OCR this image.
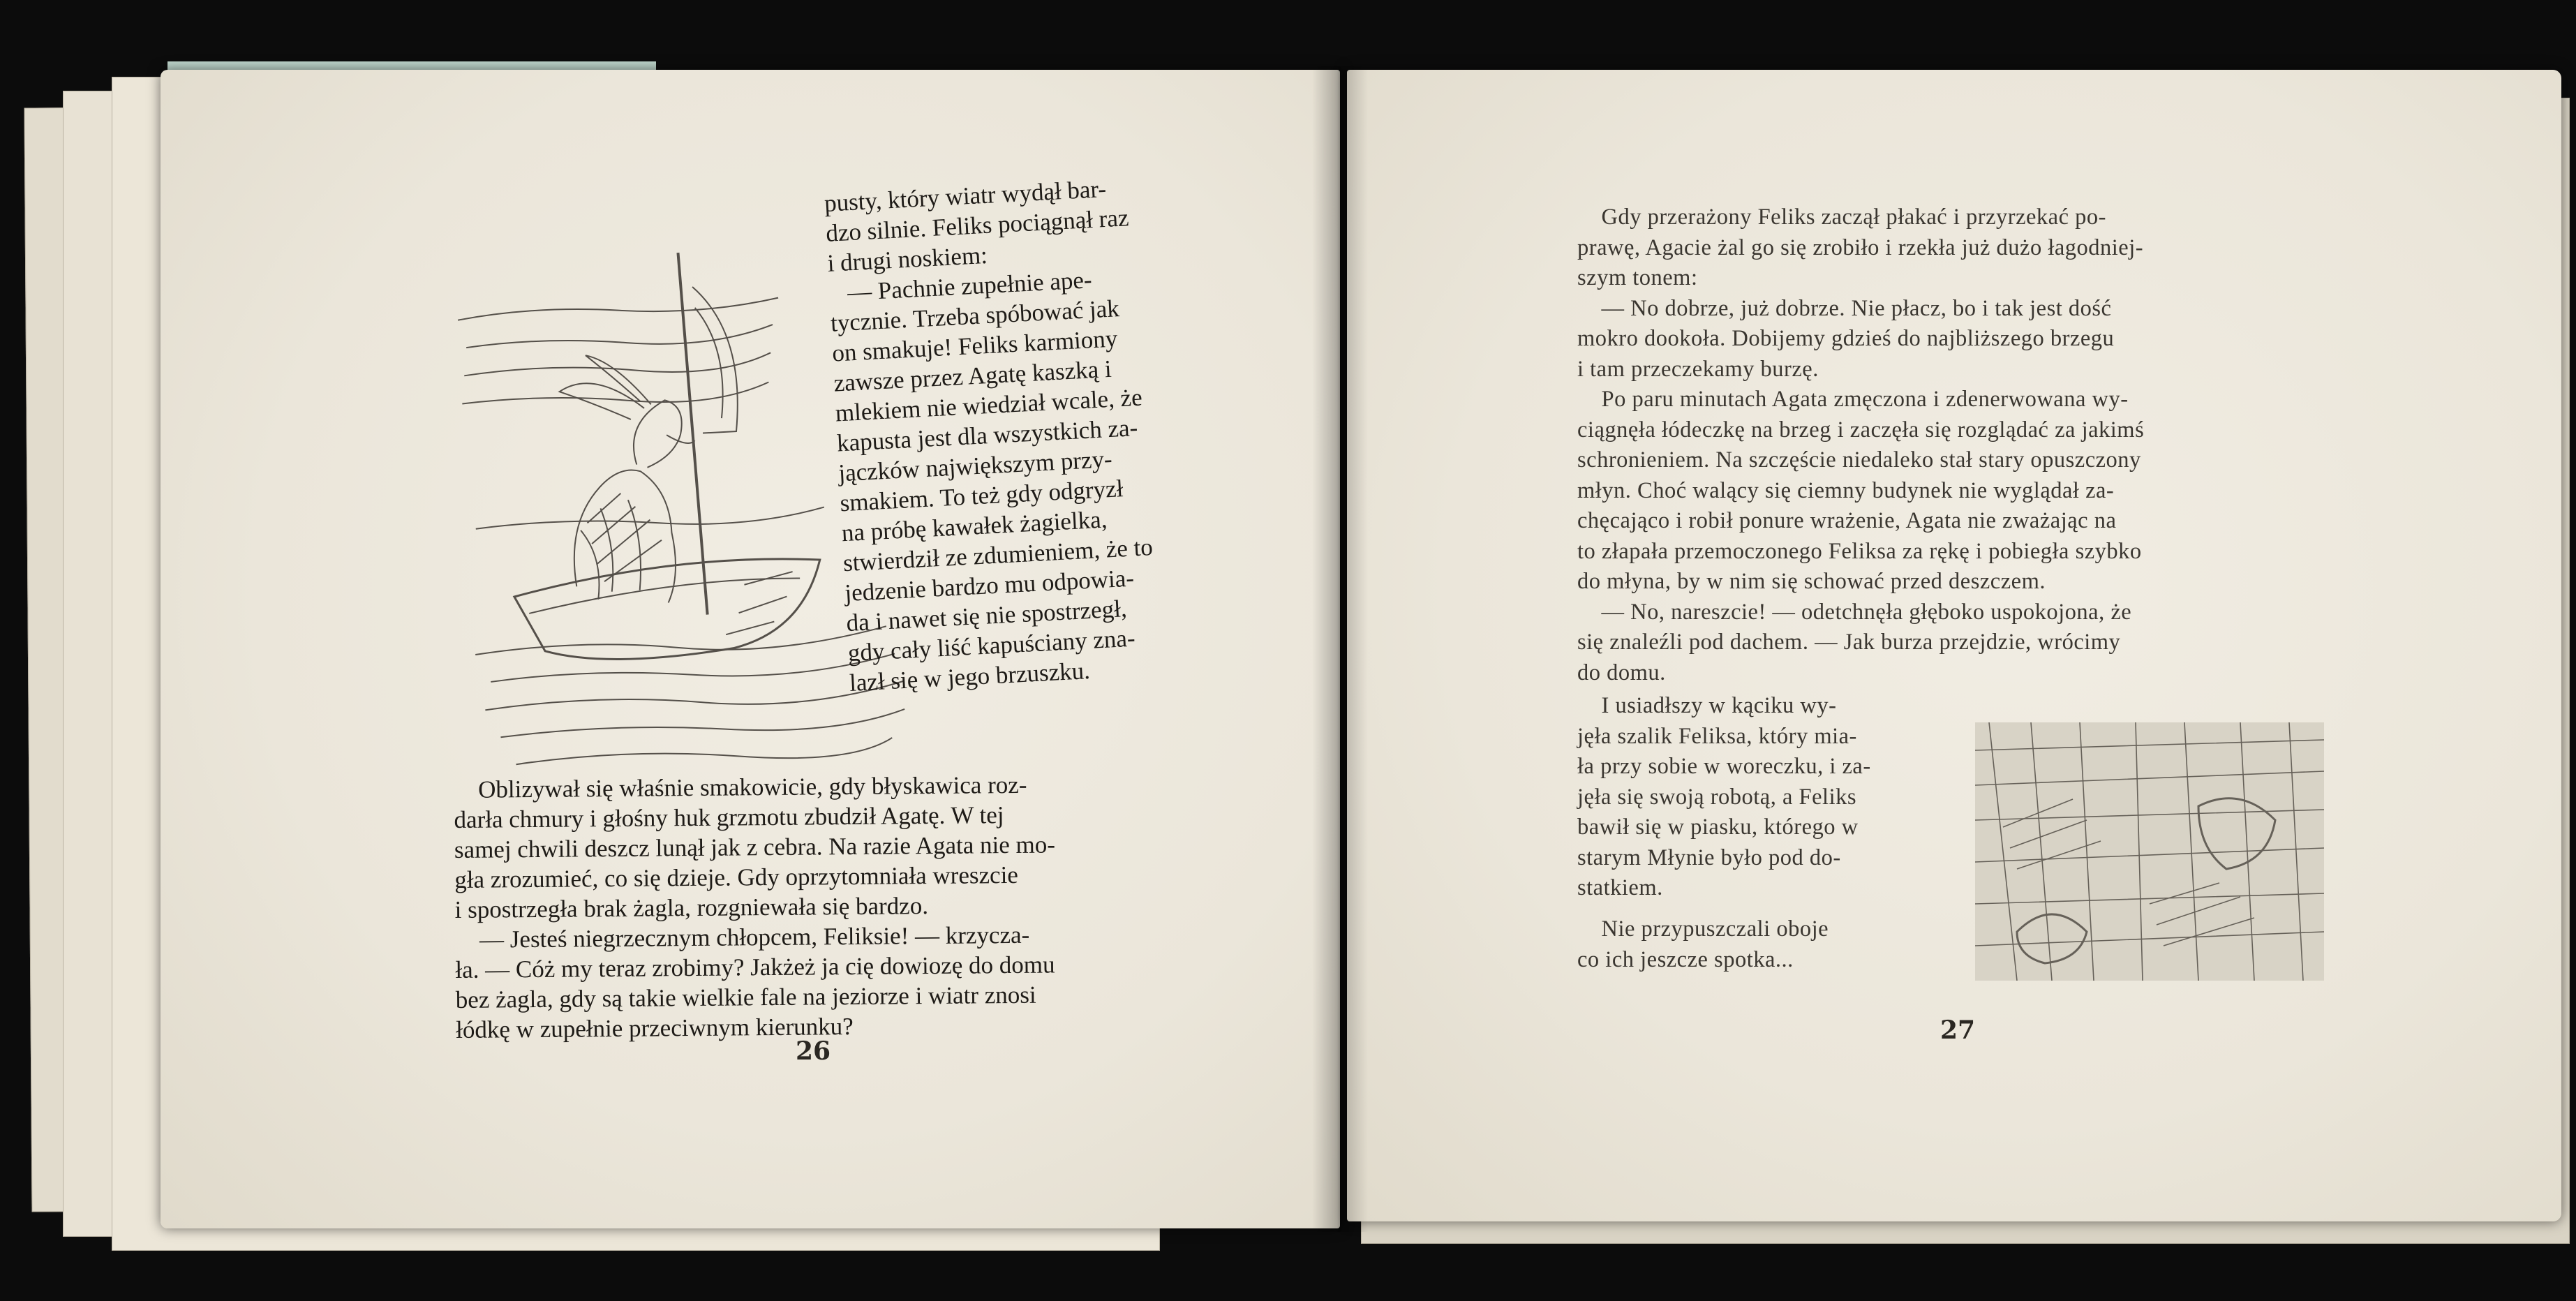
pusty, który wiatr wydął bar-
dzo silnie. Feliks pociągnął raz
i drugi noskiem:
— Pachnie zupełnie ape-
tycznie. Trzeba spóbować jak
on smakuje! Feliks karmiony
zawsze przez Agatę kaszką i
mlekiem nie wiedział wcale, że
kapusta jest dla wszystkich za-
jączków największym przy-
smakiem. To też gdy odgryzł
na próbę kawałek żagielka,
stwierdził ze zdumieniem, że to
jedzenie bardzo mu odpowia-
da i nawet się nie spostrzegł,
gdy cały liść kapuściany zna-
lazł się w jego brzuszku.
Oblizywał się właśnie smakowicie, gdy błyskawica roz-
darła chmury i głośny huk grzmotu zbudził Agatę. W tej
samej chwili deszcz lunął jak z cebra. Na razie Agata nie mo-
gła zrozumieć, co się dzieje. Gdy oprzytomniała wreszcie
i spostrzegła brak żagla, rozgniewała się bardzo.
— Jesteś niegrzecznym chłopcem, Feliksie! — krzycza-
ła. — Cóż my teraz zrobimy? Jakżeż ja cię dowiozę do domu
bez żagla, gdy są takie wielkie fale na jeziorze i wiatr znosi
łódkę w zupełnie przeciwnym kierunku?
26
Gdy przerażony Feliks zaczął płakać i przyrzekać po-
prawę, Agacie żal go się zrobiło i rzekła już dużo łagodniej-
szym tonem:
— No dobrze, już dobrze. Nie płacz, bo i tak jest dość
mokro dookoła. Dobijemy gdzieś do najbliższego brzegu
i tam przeczekamy burzę.
Po paru minutach Agata zmęczona i zdenerwowana wy-
ciągnęła łódeczkę na brzeg i zaczęła się rozglądać za jakimś
schronieniem. Na szczęście niedaleko stał stary opuszczony
młyn. Choć walący się ciemny budynek nie wyglądał za-
chęcająco i robił ponure wrażenie, Agata nie zważając na
to złapała przemoczonego Feliksa za rękę i pobiegła szybko
do młyna, by w nim się schować przed deszczem.
— No, nareszcie! — odetchnęła głęboko uspokojona, że
się znaleźli pod dachem. — Jak burza przejdzie, wrócimy
do domu.
I usiadłszy w kąciku wy-
jęła szalik Feliksa, który mia-
ła przy sobie w woreczku, i za-
jęła się swoją robotą, a Feliks
bawił się w piasku, którego w
starym Młynie było pod do-
statkiem.
Nie przypuszczali oboje
co ich jeszcze spotka...
27
